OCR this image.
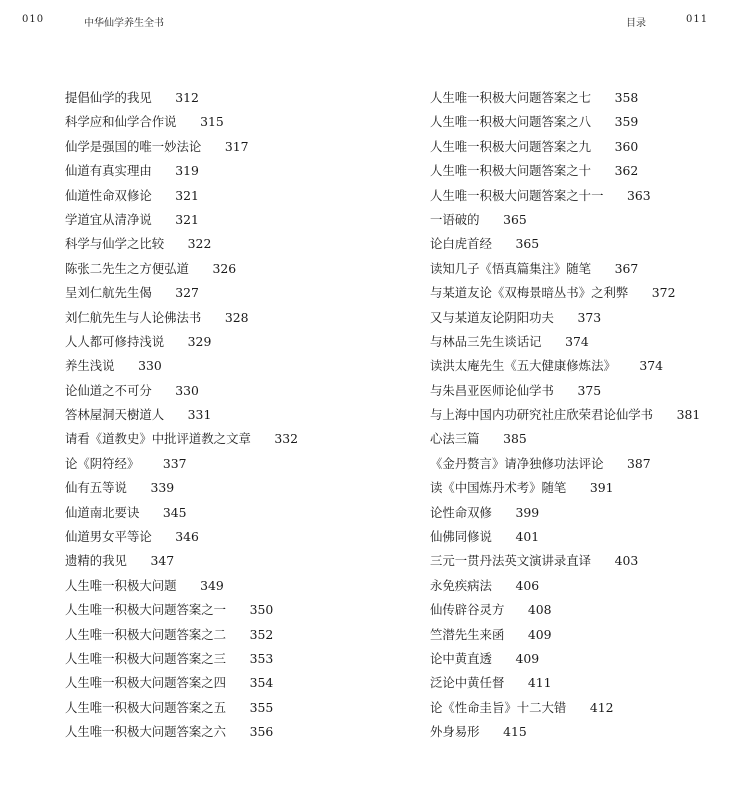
010	中华仙学养生全书	目录	011
提倡仙学的我见 312
科学应和仙学合作说 315
仙学是强国的唯一妙法论 317
仙道有真实理由 319
仙道性命双修论 321
学道宜从清净说 321
科学与仙学之比较 322
陈张二先生之方便弘道 326
呈刘仁航先生偈 327
刘仁航先生与人论佛法书 328
人人都可修持浅说 329
养生浅说 330
论仙道之不可分 330
答林屋洞天樹道人 331
请看《道教史》中批评道教之文章 332
论《阴符经》 337
仙有五等说 339
仙道南北要诀 345
仙道男女平等论 346
遗精的我见 347
人生唯一积极大问题 349
人生唯一积极大问题答案之一 350
人生唯一积极大问题答案之二 352
人生唯一积极大问题答案之三 353
人生唯一积极大问题答案之四 354
人生唯一积极大问题答案之五 355
人生唯一积极大问题答案之六 356
人生唯一积极大问题答案之七 358
人生唯一积极大问题答案之八 359
人生唯一积极大问题答案之九 360
人生唯一积极大问题答案之十 362
人生唯一积极大问题答案之十一 363
一语破的 365
论白虎首经 365
读知几子《悟真篇集注》随笔 367
与某道友论《双梅景暗丛书》之利弊 372
又与某道友论阴阳功夫 373
与林品三先生谈话记 374
读洪太庵先生《五大健康修炼法》 374
与朱昌亚医师论仙学书 375
与上海中国内功研究社庄欣荣君论仙学书 381
心法三篇 385
《金丹赘言》请净独修功法评论 387
读《中国炼丹术考》随笔 391
论性命双修 399
仙佛同修说 401
三元一贯丹法英文演讲录直译 403
永免疾病法 406
仙传辟谷灵方 408
竺潜先生来函 409
论中黄直透 409
泛论中黄任督 411
论《性命圭旨》十二大错 412
外身易形 415
